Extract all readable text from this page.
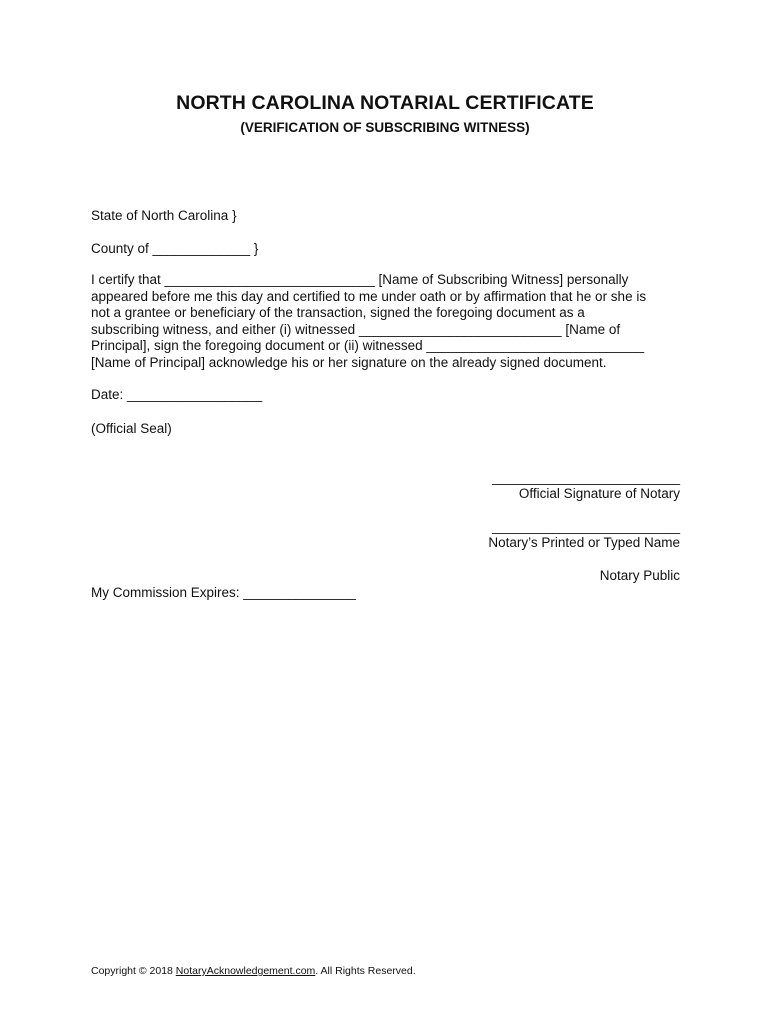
NORTH CAROLINA NOTARIAL CERTIFICATE
(VERIFICATION OF SUBSCRIBING WITNESS)
State of North Carolina }
County of _____________ }
I certify that ____________________________ [Name of Subscribing Witness] personally
appeared before me this day and certified to me under oath or by affirmation that he or she is
not a grantee or beneficiary of the transaction, signed the foregoing document as a
subscribing witness, and either (i) witnessed ___________________________ [Name of
Principal], sign the foregoing document or (ii) witnessed _____________________________
[Name of Principal] acknowledge his or her signature on the already signed document.
Date: __________________
(Official Seal)
_________________________
Official Signature of Notary
_________________________
Notary’s Printed or Typed Name
Notary Public
My Commission Expires: _______________
Copyright © 2018 NotaryAcknowledgement.com. All Rights Reserved.
